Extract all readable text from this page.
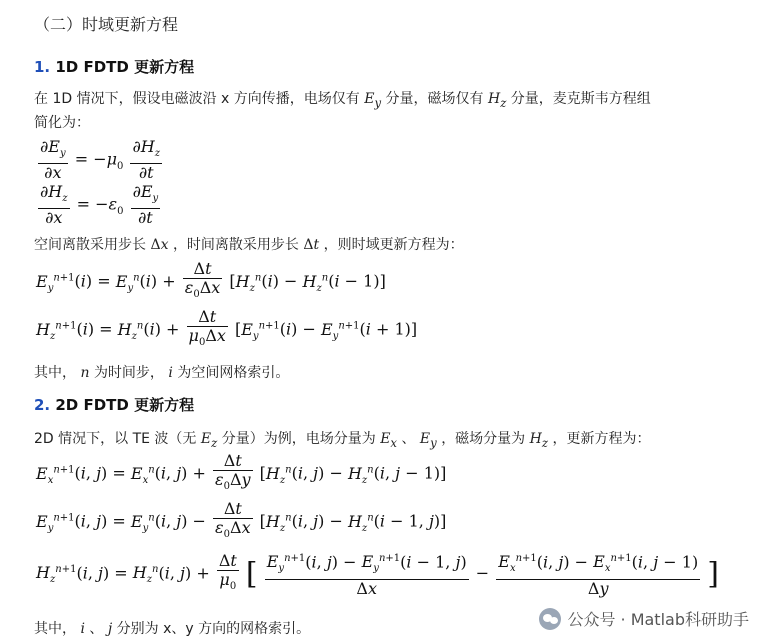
（二）时域更新方程
1. 1D FDTD 更新方程
在 1D 情况下，假设电磁波沿 x 方向传播，电场仅有 $E_y$ 分量，磁场仅有 $H_z$ 分量，麦克斯韦方程组
简化为：
$\frac{\partial E_y}{\partial x} = -\mu_0 \frac{\partial H_z}{\partial t}$
$\frac{\partial H_z}{\partial x} = -\varepsilon_0 \frac{\partial E_y}{\partial t}$
空间离散采用步长 Δx ，时间离散采用步长 Δt ，则时域更新方程为：
$E_y^{n+1}(i) = E_y^n(i) + \frac{\Delta t}{\varepsilon_0\Delta x} [H_z^n(i) - H_z^n(i - 1)]$
$H_z^{n+1}(i) = H_z^n(i) + \frac{\Delta t}{\mu_0\Delta x} [E_y^{n+1}(i) - E_y^{n+1}(i + 1)]$
其中， n 为时间步， i 为空间网格索引。
2. 2D FDTD 更新方程
2D 情况下，以 TE 波（无 $E_z$ 分量）为例，电场分量为 $E_x$ 、 $E_y$ ，磁场分量为 $H_z$ ，更新方程为：
$E_x^{n+1}(i$, $j) = E_x^n(i$, $j) + \frac{\Delta t}{\varepsilon_0\Delta y} [H_z^n(i$, $j) - H_z^n(i$, j − 1)]
$E_y^{n+1}(i$, $j) = E_y^n(i$, $j) - \frac{\Delta t}{\varepsilon_0\Delta x} [H_z^n(i$, $j) - H_z^n(i - 1$, j)]
$H_z^{n+1}(i$, $j) = H_z^n(i$, $j) + \frac{\Delta t}{\mu_0}$ [ $\frac{E_y^{n+1}(i, j) - E_y^{n+1}(i - 1, j)}{\Delta x} - \frac{E_x^{n+1}(i, j) - E_x^{n+1}(i, j - 1)}{\Delta y}$ ]
其中， i 、 j 分别为 x、y 方向的网格索引。	公众号 · Matlab科研助手
